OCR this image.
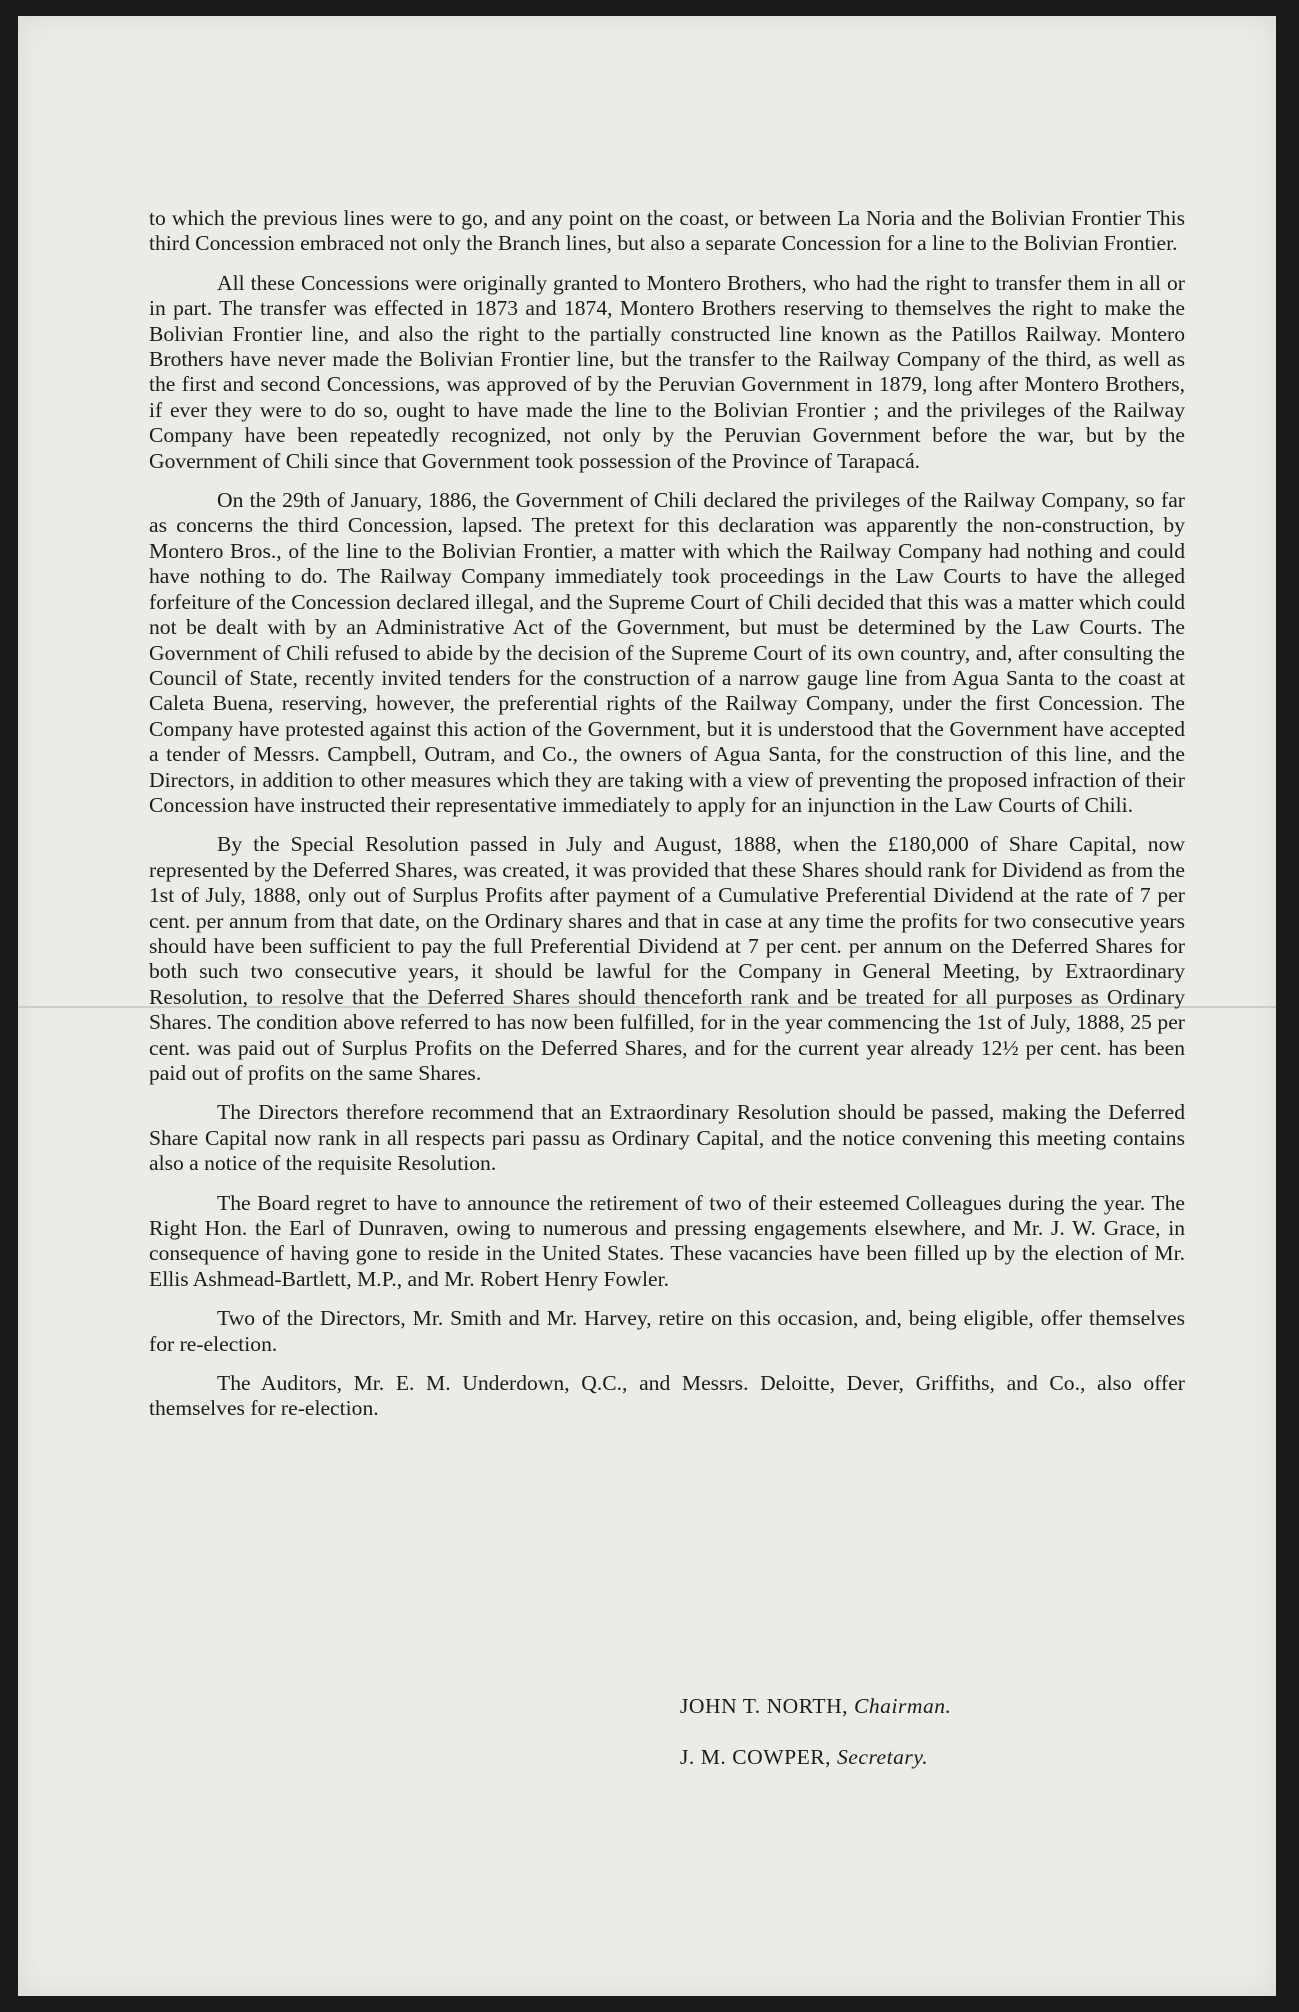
to which the previous lines were to go, and any point on the coast, or between La Noria and the Bolivian Frontier This third Concession embraced not only the Branch lines, but also a separate Concession for a line to the Bolivian Frontier.

All these Concessions were originally granted to Montero Brothers, who had the right to transfer them in all or in part. The transfer was effected in 1873 and 1874, Montero Brothers reserving to themselves the right to make the Bolivian Frontier line, and also the right to the partially constructed line known as the Patillos Railway. Montero Brothers have never made the Bolivian Frontier line, but the transfer to the Railway Company of the third, as well as the first and second Concessions, was approved of by the Peruvian Government in 1879, long after Montero Brothers, if ever they were to do so, ought to have made the line to the Bolivian Frontier ; and the privileges of the Railway Company have been repeatedly recognized, not only by the Peruvian Government before the war, but by the Government of Chili since that Government took possession of the Province of Tarapacá.

On the 29th of January, 1886, the Government of Chili declared the privileges of the Railway Company, so far as concerns the third Concession, lapsed. The pretext for this declaration was apparently the non-construction, by Montero Bros., of the line to the Bolivian Frontier, a matter with which the Railway Company had nothing and could have nothing to do. The Railway Company immediately took proceedings in the Law Courts to have the alleged forfeiture of the Concession declared illegal, and the Supreme Court of Chili decided that this was a matter which could not be dealt with by an Administrative Act of the Government, but must be determined by the Law Courts. The Government of Chili refused to abide by the decision of the Supreme Court of its own country, and, after consulting the Council of State, recently invited tenders for the construction of a narrow gauge line from Agua Santa to the coast at Caleta Buena, reserving, however, the preferential rights of the Railway Company, under the first Concession. The Company have protested against this action of the Government, but it is understood that the Government have accepted a tender of Messrs. Campbell, Outram, and Co., the owners of Agua Santa, for the construction of this line, and the Directors, in addition to other measures which they are taking with a view of preventing the proposed infraction of their Concession have instructed their representative immediately to apply for an injunction in the Law Courts of Chili.

By the Special Resolution passed in July and August, 1888, when the £180,000 of Share Capital, now represented by the Deferred Shares, was created, it was provided that these Shares should rank for Dividend as from the 1st of July, 1888, only out of Surplus Profits after payment of a Cumulative Preferential Dividend at the rate of 7 per cent. per annum from that date, on the Ordinary shares and that in case at any time the profits for two consecutive years should have been sufficient to pay the full Preferential Dividend at 7 per cent. per annum on the Deferred Shares for both such two consecutive years, it should be lawful for the Company in General Meeting, by Extraordinary Resolution, to resolve that the Deferred Shares should thenceforth rank and be treated for all purposes as Ordinary Shares. The condition above referred to has now been fulfilled, for in the year commencing the 1st of July, 1888, 25 per cent. was paid out of Surplus Profits on the Deferred Shares, and for the current year already 12½ per cent. has been paid out of profits on the same Shares.

The Directors therefore recommend that an Extraordinary Resolution should be passed, making the Deferred Share Capital now rank in all respects pari passu as Ordinary Capital, and the notice convening this meeting contains also a notice of the requisite Resolution.

The Board regret to have to announce the retirement of two of their esteemed Colleagues during the year. The Right Hon. the Earl of Dunraven, owing to numerous and pressing engagements elsewhere, and Mr. J. W. Grace, in consequence of having gone to reside in the United States. These vacancies have been filled up by the election of Mr. Ellis Ashmead-Bartlett, M.P., and Mr. Robert Henry Fowler.

Two of the Directors, Mr. Smith and Mr. Harvey, retire on this occasion, and, being eligible, offer themselves for re-election.

The Auditors, Mr. E. M. Underdown, Q.C., and Messrs. Deloitte, Dever, Griffiths, and Co., also offer themselves for re-election.

JOHN T. NORTH, Chairman.
J. M. COWPER, Secretary.
